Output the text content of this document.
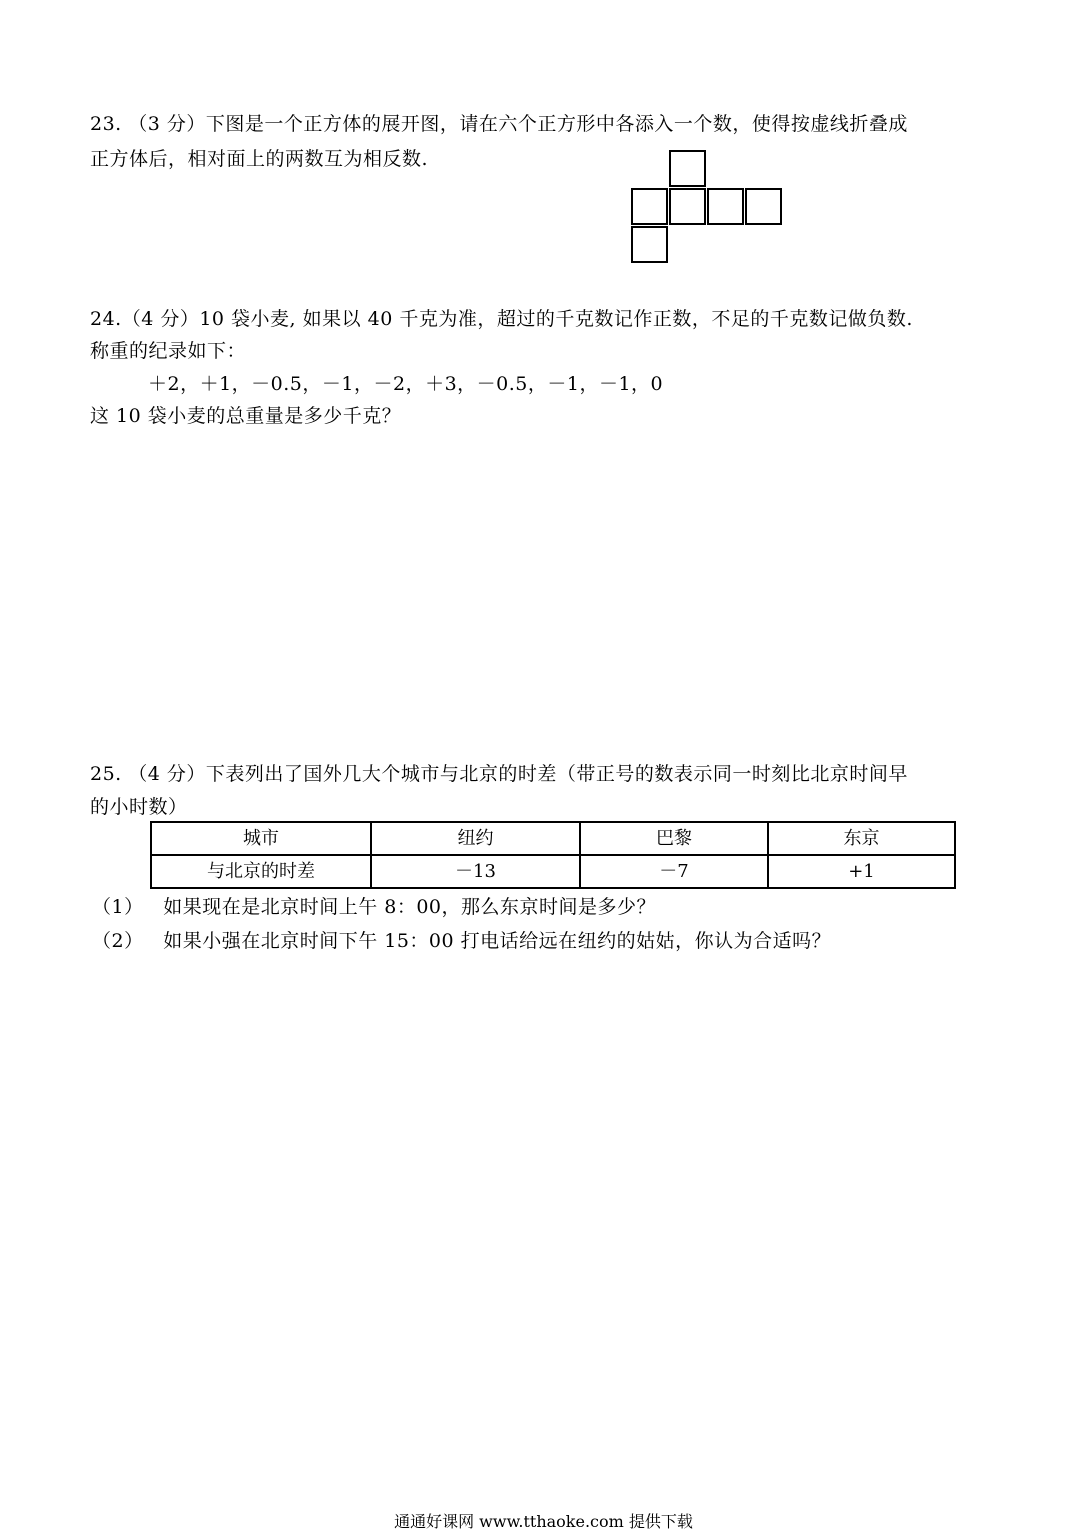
23. （3 分）下图是一个正方体的展开图，请在六个正方形中各添入一个数，使得按虚线折叠成
正方体后，相对面上的两数互为相反数.
24.（4 分）10 袋小麦, 如果以 40 千克为准，超过的千克数记作正数，不足的千克数记做负数.
称重的纪录如下：
＋2，＋1，－0.5，－1，－2，＋3，－0.5，－1，－1，0
这 10 袋小麦的总重量是多少千克？
25. （4 分）下表列出了国外几大个城市与北京的时差（带正号的数表示同一时刻比北京时间早
的小时数）
城市	纽约	巴黎	东京
与北京的时差	－13	－7	+1
（1）   如果现在是北京时间上午 8：00，那么东京时间是多少？
（2）   如果小强在北京时间下午 15：00 打电话给远在纽约的姑姑，你认为合适吗？
通通好课网 www.tthaoke.com 提供下载
